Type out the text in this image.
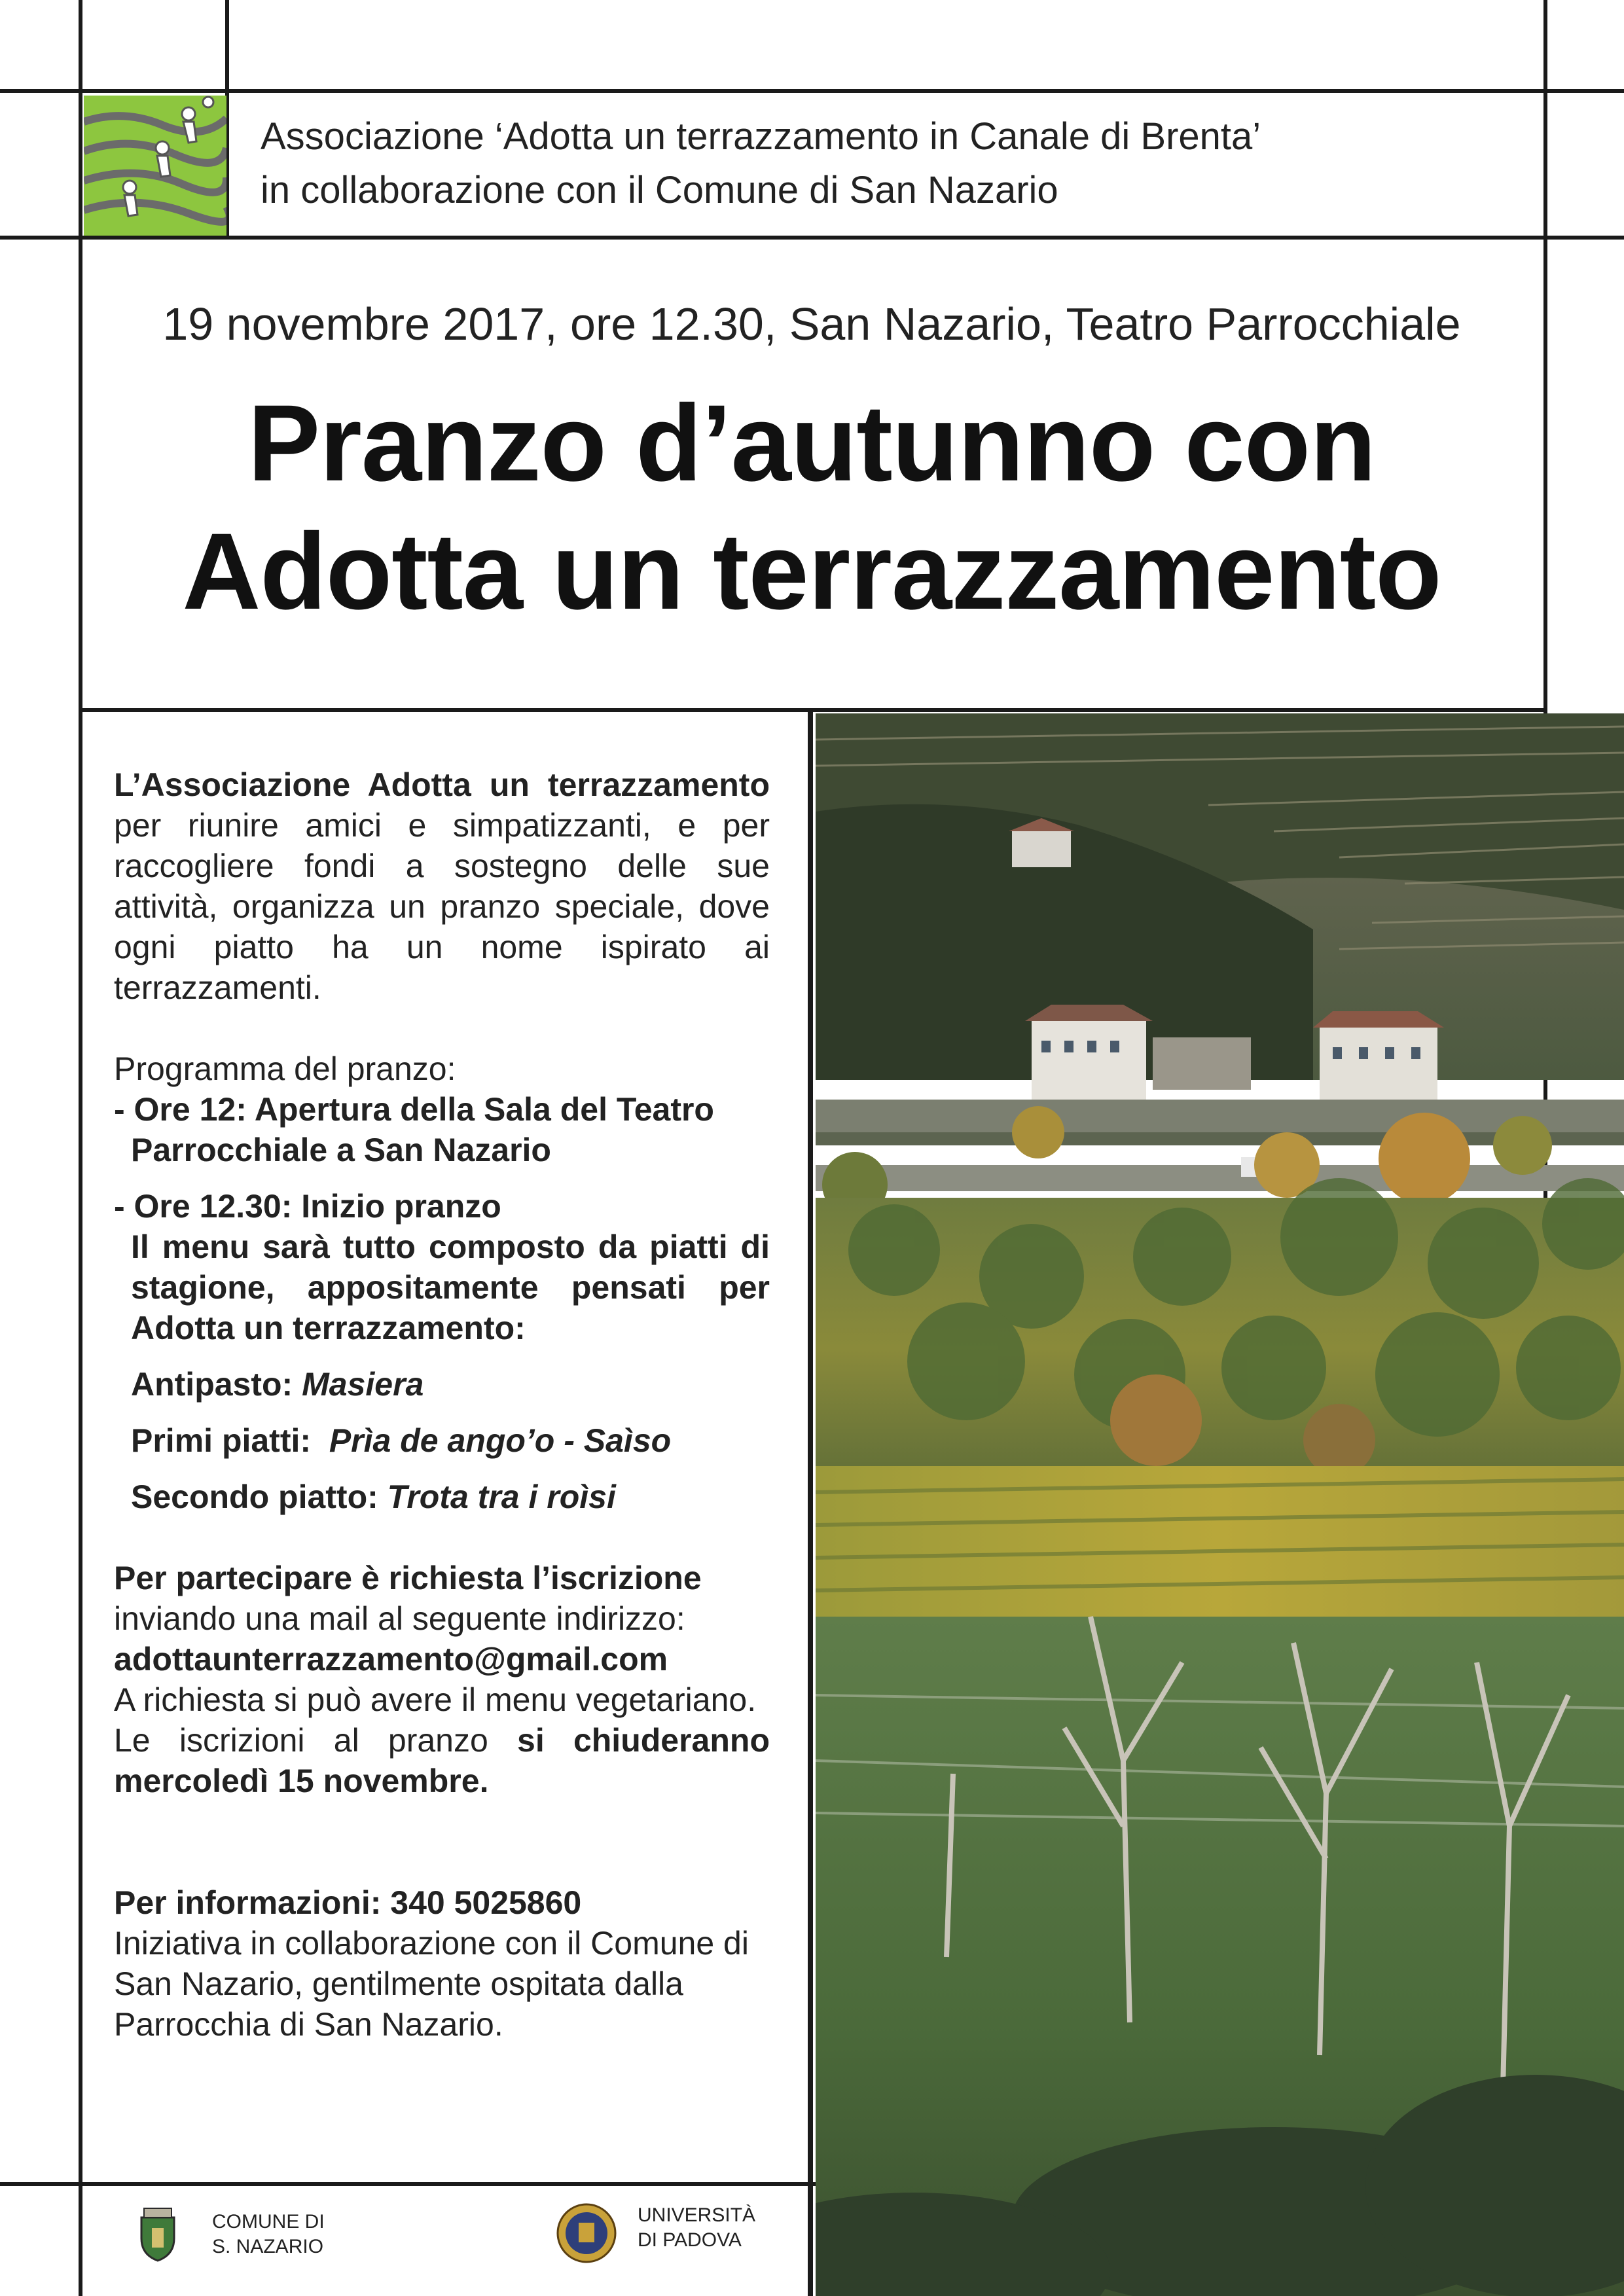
Associazione ‘Adotta un terrazzamento in Canale di Brenta’
in collaborazione con il Comune di San Nazario
19 novembre 2017, ore 12.30, San Nazario, Teatro Parrocchiale
Pranzo d’autunno con
Adotta un terrazzamento

L’Associazione Adotta un terrazzamento per riunire amici e simpatizzanti, e per raccogliere fondi a sostegno delle sue attività, organizza un pranzo speciale, dove ogni piatto ha un nome ispirato ai terrazzamenti.

Programma del pranzo:

- Ore 12: Apertura della Sala del Teatro

Parrocchiale a San Nazario

- Ore 12.30: Inizio pranzo

Il menu sarà tutto composto da piatti di stagione, appositamente pensati per Adotta un terrazzamento:

Antipasto: Masiera

Primi piatti: Prìa de ango’o - Saìso

Secondo piatto: Trota tra i roìsi

Per partecipare è richiesta l’iscrizione

inviando una mail al seguente indirizzo:

adottaunterrazzamento@gmail.com

A richiesta si può avere il menu vegetariano.

Le iscrizioni al pranzo si chiuderanno mercoledì 15 novembre.

Per informazioni: 340 5025860

Iniziativa in collaborazione con il Comune di San Nazario, gentilmente ospitata dalla Parrocchia di San Nazario.

COMUNE DI
S. NAZARIO
UNIVERSITÀ
DI PADOVA
